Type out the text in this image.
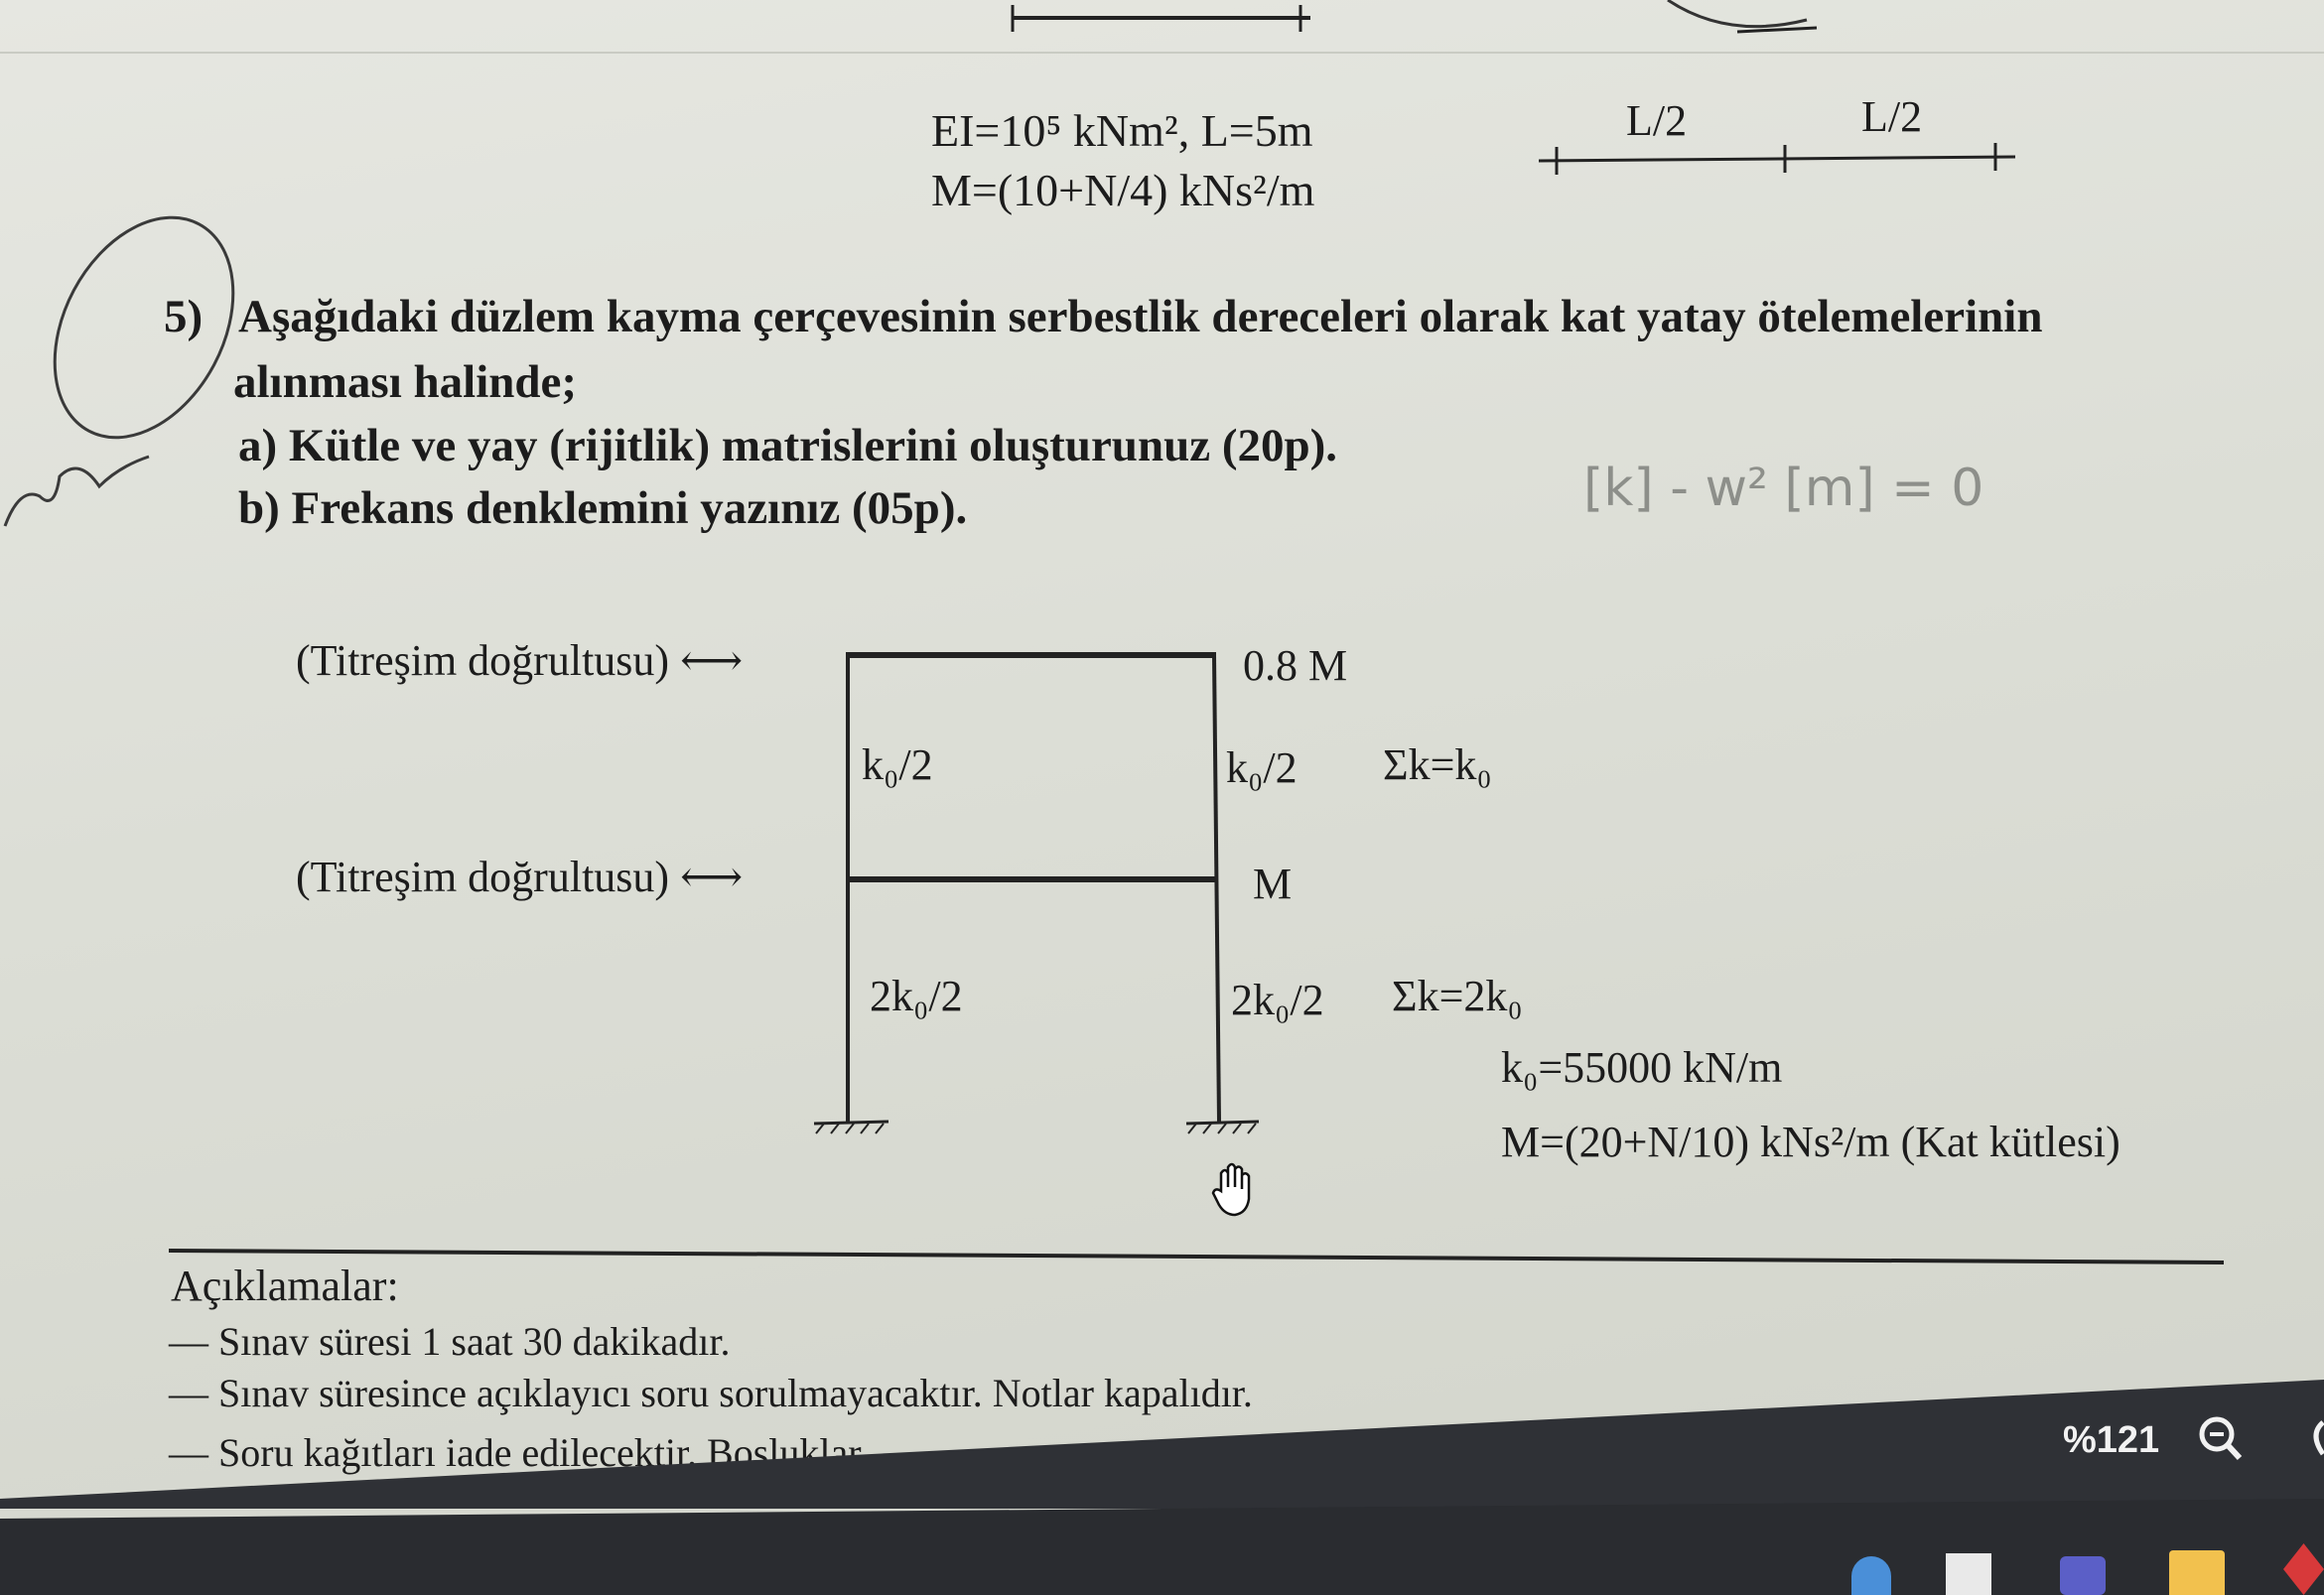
EI=10⁵ kNm², L=5m
M=(10+N/4) kNs²/m
L/2	L/2
5) Aşağıdaki düzlem kayma çerçevesinin serbestlik dereceleri olarak kat yatay ötelemelerinin
alınması halinde;
a) Kütle ve yay (rijitlik) matrislerini oluşturunuz (20p).
b) Frekans denklemini yazınız (05p).	[k] - w² [m] = 0
(Titreşim doğrultusu) ⟷
(Titreşim doğrultusu) ⟷
0.8 M
M
k₀/2	k₀/2 Σk=k₀
2k₀/2	2k₀/2 Σk=2k₀
k₀=55000 kN/m
M=(20+N/10) kNs²/m (Kat kütlesi)
Açıklamalar:
— Sınav süresi 1 saat 30 dakikadır.
— Sınav süresince açıklayıcı soru sorulmayacaktır. Notlar kapalıdır.
— Soru kağıtları iade edilecektir. Boşluklar	%121
